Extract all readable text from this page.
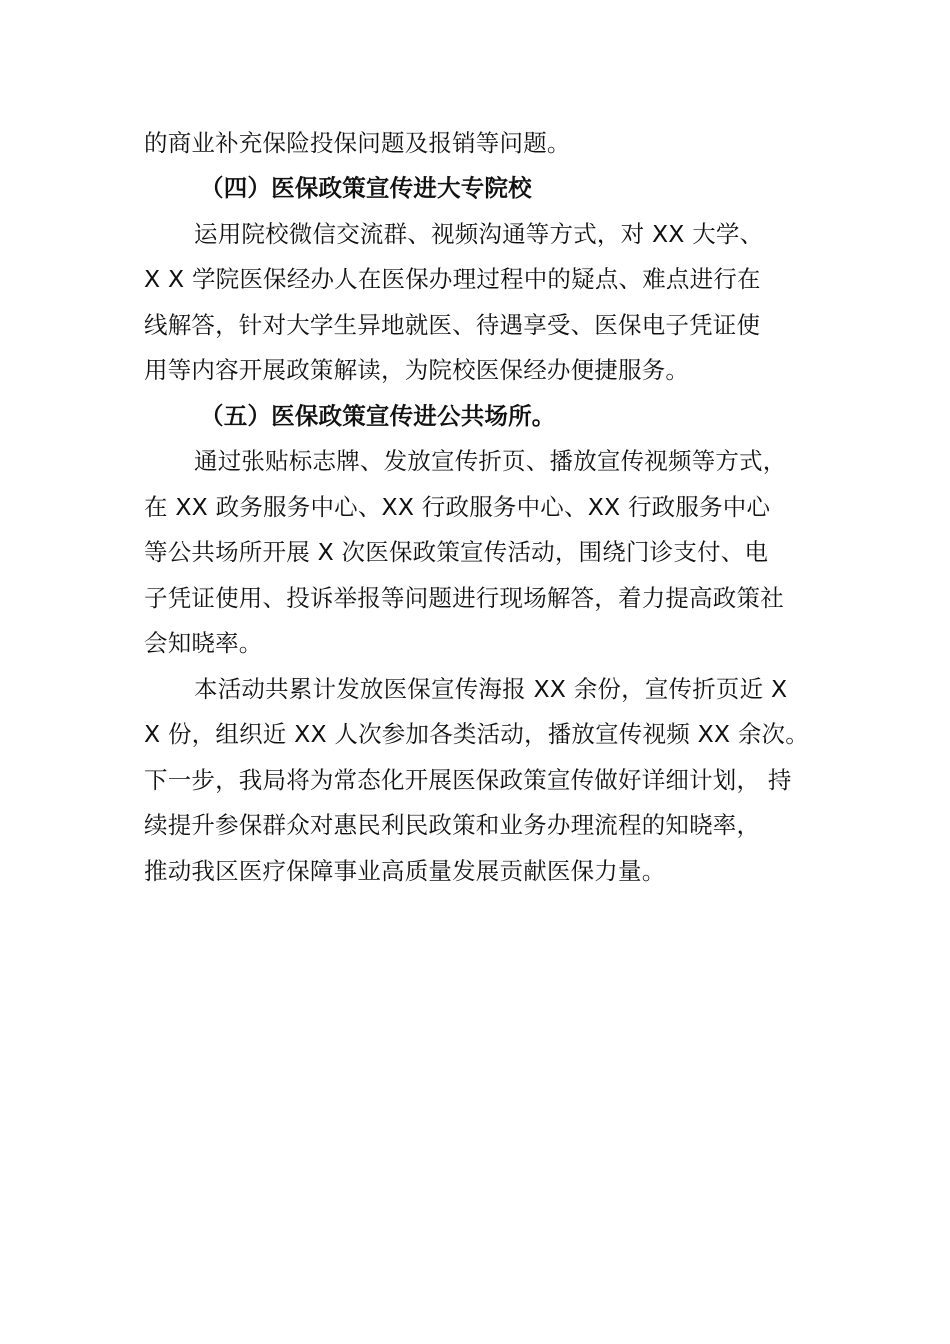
的商业补充保险投保问题及报销等问题。
（四）医保政策宣传进大专院校
运用院校微信交流群、视频沟通等方式，对 XX 大学、
X X 学院医保经办人在医保办理过程中的疑点、难点进行在
线解答，针对大学生异地就医、待遇享受、医保电子凭证使
用等内容开展政策解读，为院校医保经办便捷服务。
（五）医保政策宣传进公共场所。
通过张贴标志牌、发放宣传折页、播放宣传视频等方式，
在 XX 政务服务中心、XX 行政服务中心、XX 行政服务中心
等公共场所开展 X 次医保政策宣传活动，围绕门诊支付、电
子凭证使用、投诉举报等问题进行现场解答，着力提高政策社
会知晓率。
本活动共累计发放医保宣传海报 XX 余份，宣传折页近 X
X 份，组织近 XX 人次参加各类活动，播放宣传视频 XX 余次。
下一步，我局将为常态化开展医保政策宣传做好详细计划， 持
续提升参保群众对惠民利民政策和业务办理流程的知晓率，
推动我区医疗保障事业高质量发展贡献医保力量。
